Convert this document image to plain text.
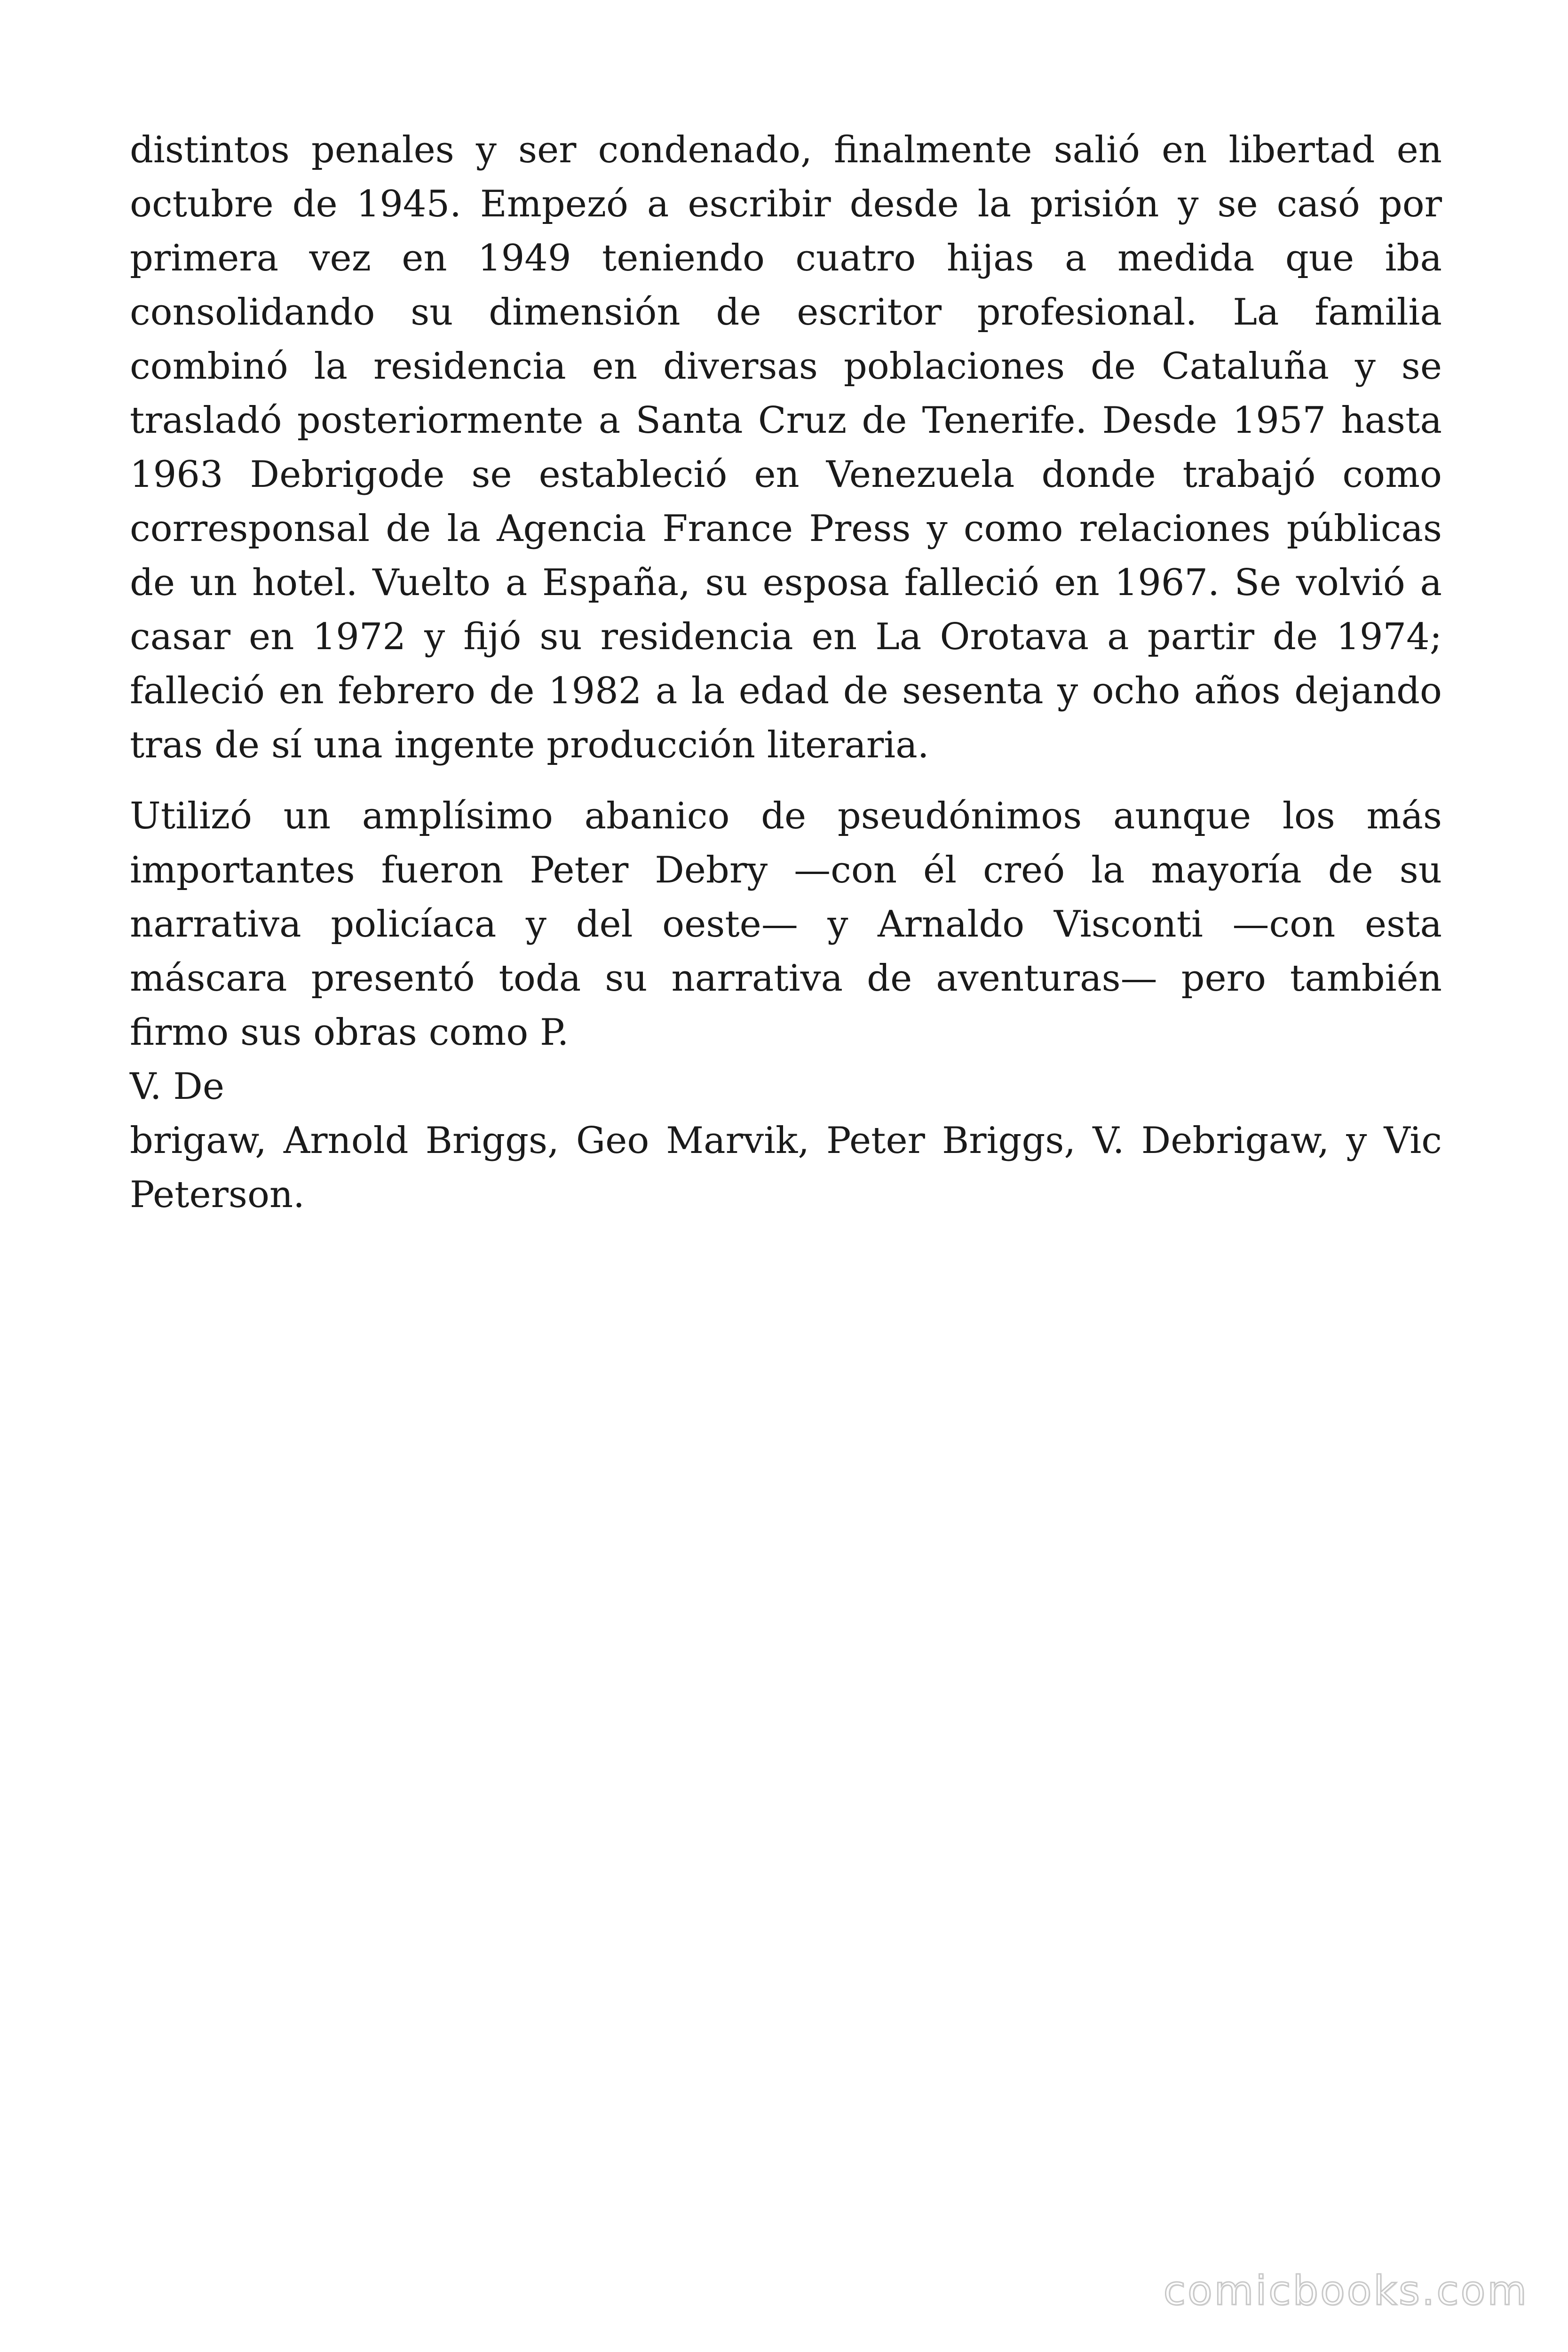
distintos penales y ser condenado, finalmente salió en libertad en octubre de 1945. Empezó a escribir desde la prisión y se casó por primera vez en 1949 teniendo cuatro hijas a medida que iba consolidando su dimensión de escritor profesional. La familia combinó la residencia en diversas poblaciones de Cataluña y se trasladó posteriormente a Santa Cruz de Tenerife. Desde 1957 hasta 1963 Debrigode se estableció en Venezuela donde trabajó como corresponsal de la Agencia France Press y como relaciones públicas de un hotel. Vuelto a España, su esposa falleció en 1967. Se volvió a casar en 1972 y fijó su residencia en La Orotava a partir de 1974; falleció en febrero de 1982 a la edad de sesenta y ocho años dejando tras de sí una ingente producción literaria.

Utilizó un amplísimo abanico de pseudónimos aunque los más importantes fueron Peter Debry —con él creó la mayoría de su narrativa policíaca y del oeste— y Arnaldo Visconti —con esta máscara presentó toda su narrativa de aventuras— pero también firmo sus obras como P.

V. De

brigaw, Arnold Briggs, Geo Marvik, Peter Briggs, V. Debrigaw, y Vic Peterson.

comicbooks.com
